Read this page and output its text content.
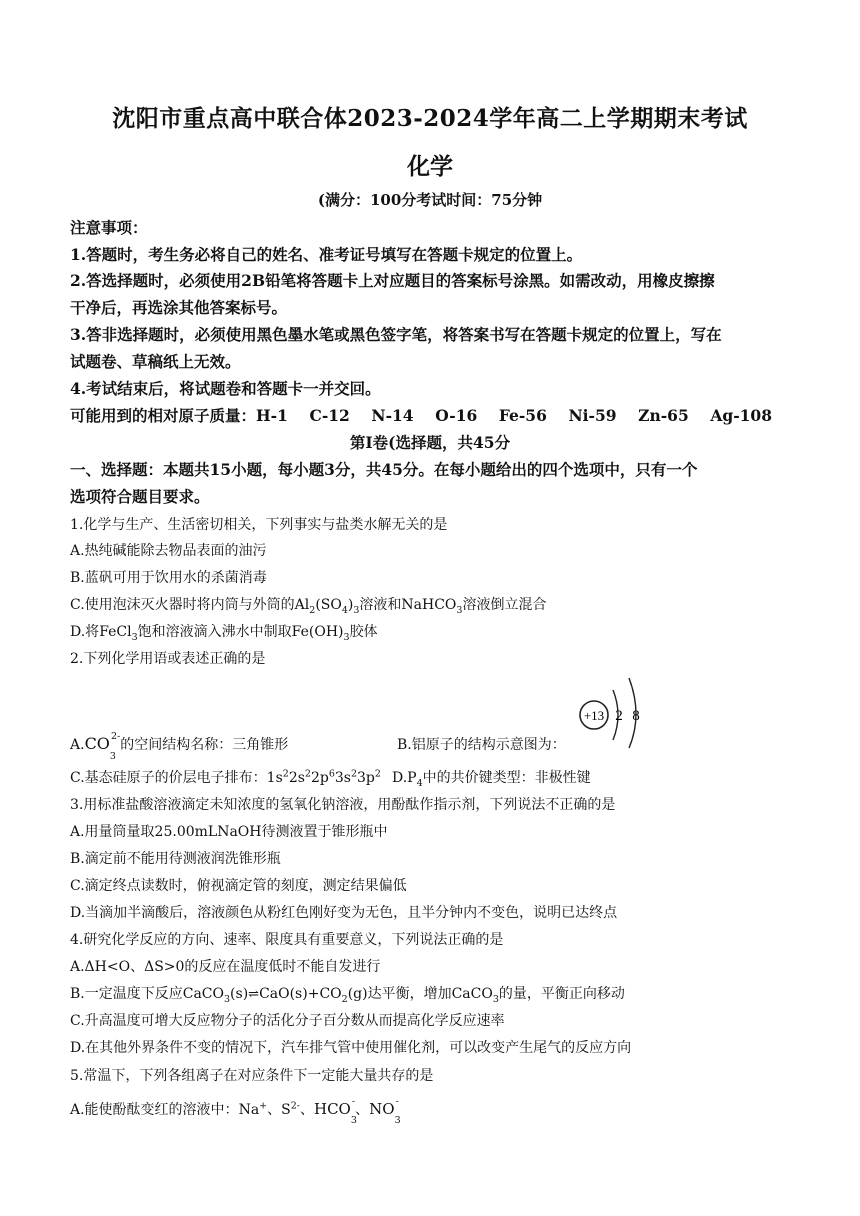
沈阳市重点高中联合体2023-2024学年高二上学期期末考试
化学
(满分：100分考试时间：75分钟
注意事项：
1.答题时，考生务必将自己的姓名、准考证号填写在答题卡规定的位置上。
2.答选择题时，必须使用2B铅笔将答题卡上对应题目的答案标号涂黑。如需改动，用橡皮擦擦
干净后，再选涂其他答案标号。
3.答非选择题时，必须使用黑色墨水笔或黑色签字笔，将答案书写在答题卡规定的位置上，写在
试题卷、草稿纸上无效。
4.考试结束后，将试题卷和答题卡一并交回。
可能用到的相对原子质量：H-1 C-12 N-14 O-16 Fe-56 Ni-59 Zn-65 Ag-108
第I卷(选择题，共45分
一、选择题：本题共15小题，每小题3分，共45分。在每小题给出的四个选项中，只有一个
选项符合题目要求。
1.化学与生产、生活密切相关，下列事实与盐类水解无关的是
A.热纯碱能除去物品表面的油污
B.蓝矾可用于饮用水的杀菌消毒
C.使用泡沫灭火器时将内筒与外筒的$Al_2(SO_4)_3$溶液和NaHCO$_3$溶液倒立混合
D.将FeCl$_3$饱和溶液滴入沸水中制取$Fe(OH)_3$胶体
2.下列化学用语或表述正确的是
+13 2 8
$A.CO_3^{2-}$的空间结构名称：三角锥形	B.铝原子的结构示意图为：
C.基态硅原子的价层电子排布：$1s^22s^22p^63s^23p^2$ $D.P_4$中的共价键类型：非极性键
3.用标准盐酸溶液滴定未知浓度的氢氧化钠溶液，用酚酞作指示剂，下列说法不正确的是
A.用量筒量取25.00mLNaOH待测液置于锥形瓶中
B.滴定前不能用待测液润洗锥形瓶
C.滴定终点读数时，俯视滴定管的刻度，测定结果偏低
D.当滴加半滴酸后，溶液颜色从粉红色刚好变为无色，且半分钟内不变色，说明已达终点
4.研究化学反应的方向、速率、限度具有重要意义，下列说法正确的是
A.ΔH<O、ΔS>0的反应在温度低时不能自发进行
B.一定温度下反应$CaCO_3(s)\rightleftharpoons CaO(s)+CO_2(g)$达平衡，增加CaCO$_3$的量，平衡正向移动
C.升高温度可增大反应物分子的活化分子百分数从而提高化学反应速率
D.在其他外界条件不变的情况下，汽车排气管中使用催化剂，可以改变产生尾气的反应方向
5.常温下，下列各组离子在对应条件下一定能大量共存的是
A.能使酚酞变红的溶液中：Na+、$S^{2-}$、$HCO_3^-$、$NO_3^-$
